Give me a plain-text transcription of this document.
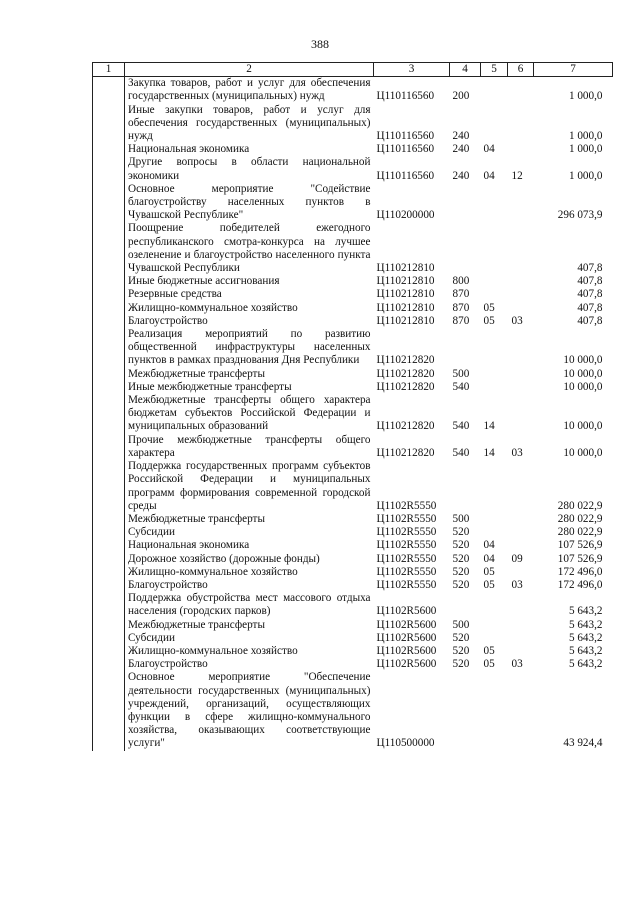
388
1	2	3	4	5	6	7
	Закупка товаров, работ и услуг для обеспечения государственных (муниципальных) нужд	Ц110116560	200			1 000,0
	Иные закупки товаров, работ и услуг для обеспечения государственных (муниципальных) нужд	Ц110116560	240			1 000,0
	Национальная экономика	Ц110116560	240	04		1 000,0
	Другие вопросы в области национальной экономики	Ц110116560	240	04	12	1 000,0
	Основное мероприятие "Содействие благоустройству населенных пунктов в Чувашской Республике"	Ц110200000				296 073,9
	Поощрение победителей ежегодного республиканского смотра-конкурса на лучшее озеленение и благоустройство населенного пункта Чувашской Республики	Ц110212810				407,8
	Иные бюджетные ассигнования	Ц110212810	800			407,8
	Резервные средства	Ц110212810	870			407,8
	Жилищно-коммунальное хозяйство	Ц110212810	870	05		407,8
	Благоустройство	Ц110212810	870	05	03	407,8
	Реализация мероприятий по развитию общественной инфраструктуры населенных пунктов в рамках празднования Дня Республики	Ц110212820				10 000,0
	Межбюджетные трансферты	Ц110212820	500			10 000,0
	Иные межбюджетные трансферты	Ц110212820	540			10 000,0
	Межбюджетные трансферты общего характера бюджетам субъектов Российской Федерации и муниципальных образований	Ц110212820	540	14		10 000,0
	Прочие межбюджетные трансферты общего характера	Ц110212820	540	14	03	10 000,0
	Поддержка государственных программ субъектов Российской Федерации и муниципальных программ формирования современной городской среды	Ц1102R5550				280 022,9
	Межбюджетные трансферты	Ц1102R5550	500			280 022,9
	Субсидии	Ц1102R5550	520			280 022,9
	Национальная экономика	Ц1102R5550	520	04		107 526,9
	Дорожное хозяйство (дорожные фонды)	Ц1102R5550	520	04	09	107 526,9
	Жилищно-коммунальное хозяйство	Ц1102R5550	520	05		172 496,0
	Благоустройство	Ц1102R5550	520	05	03	172 496,0
	Поддержка обустройства мест массового отдыха населения (городских парков)	Ц1102R5600				5 643,2
	Межбюджетные трансферты	Ц1102R5600	500			5 643,2
	Субсидии	Ц1102R5600	520			5 643,2
	Жилищно-коммунальное хозяйство	Ц1102R5600	520	05		5 643,2
	Благоустройство	Ц1102R5600	520	05	03	5 643,2
	Основное мероприятие "Обеспечение деятельности государственных (муниципальных) учреждений, организаций, осуществляющих функции в сфере жилищно-коммунального хозяйства, оказывающих соответствующие услуги"	Ц110500000				43 924,4
